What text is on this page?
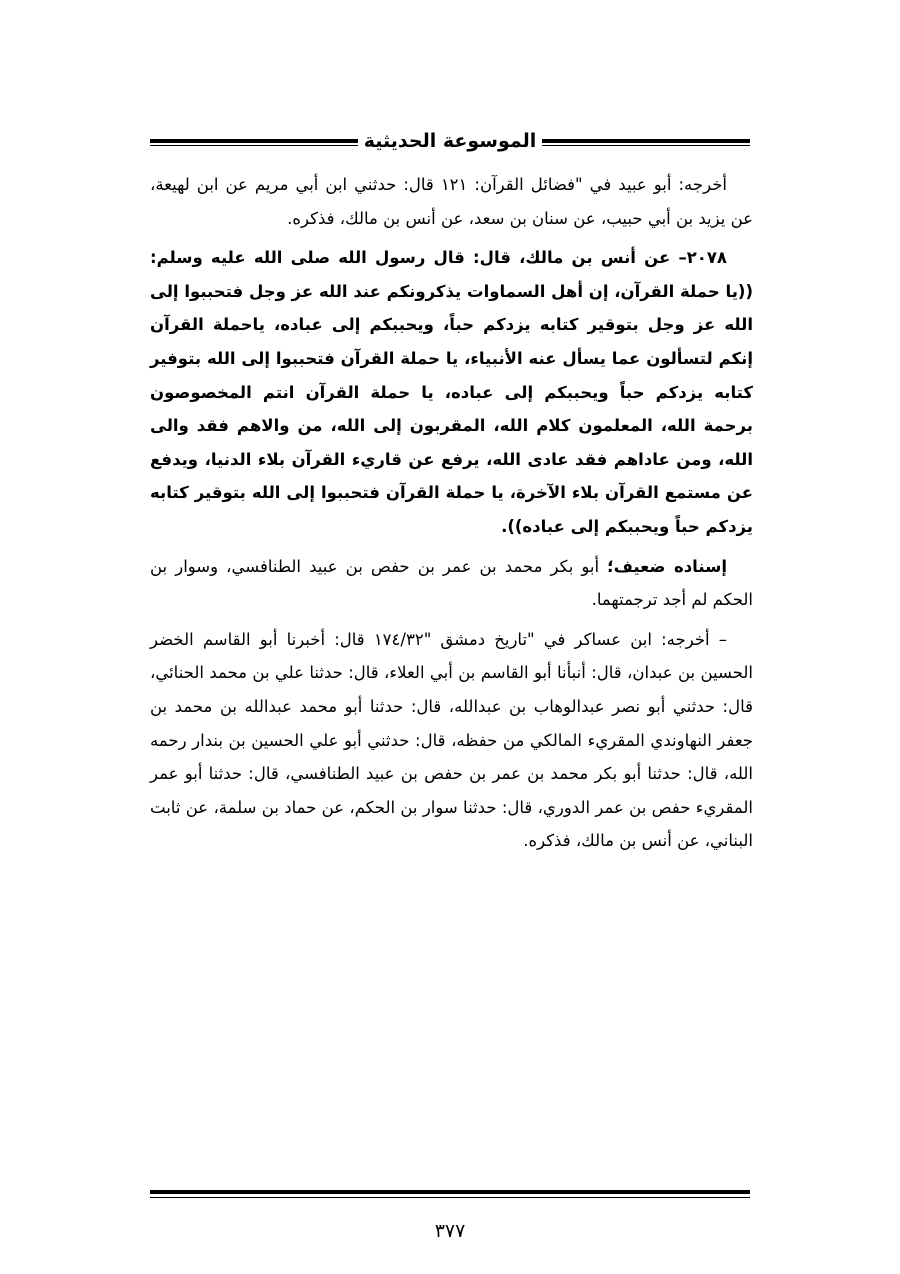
الموسوعة الحديثية

أخرجه: أبو عبيد في "فضائل القرآن: ١٢١ قال: حدثني ابن أبي مريم عن ابن لهيعة، عن يزيد بن أبي حبيب، عن سنان بن سعد، عن أنس بن مالك، فذكره.

٢٠٧٨– عن أنس بن مالك، قال: قال رسول الله صلى الله عليه وسلم: ((يا حملة القرآن، إن أهل السماوات يذكرونكم عند الله عز وجل فتحببوا إلى الله عز وجل بتوقير كتابه يزدكم حباً، ويحببكم إلى عباده، ياحملة القرآن إنكم لتسألون عما يسأل عنه الأنبياء، يا حملة القرآن فتحببوا إلى الله بتوفير كتابه يزدكم حباً ويحببكم إلى عباده، يا حملة القرآن انتم المخصوصون برحمة الله، المعلمون كلام الله، المقربون إلى الله، من والاهم فقد والى الله، ومن عاداهم فقد عادى الله، يرفع عن قاريء القرآن بلاء الدنيا، ويدفع عن مستمع القرآن بلاء الآخرة، يا حملة القرآن فتحببوا إلى الله بتوقير كتابه يزدكم حباً ويحببكم إلى عباده)).

إسناده ضعيف؛ أبو بكر محمد بن عمر بن حفص بن عبيد الطنافسي، وسوار بن الحكم لم أجد ترجمتهما.

– أخرجه: ابن عساكر في "تاريخ دمشق "١٧٤/٣٢ قال: أخبرنا أبو القاسم الخضر الحسين بن عبدان، قال: أنبأنا أبو القاسم بن أبي العلاء، قال: حدثنا علي بن محمد الحنائي، قال: حدثني أبو نصر عبدالوهاب بن عبدالله، قال: حدثنا أبو محمد عبدالله بن محمد بن جعفر النهاوندي المقريء المالكي من حفظه، قال: حدثني أبو علي الحسين بن بندار رحمه الله، قال: حدثنا أبو بكر محمد بن عمر بن حفص بن عبيد الطنافسي، قال: حدثنا أبو عمر المقريء حفص بن عمر الدوري، قال: حدثنا سوار بن الحكم، عن حماد بن سلمة، عن ثابت البناني، عن أنس بن مالك، فذكره.

٣٧٧
